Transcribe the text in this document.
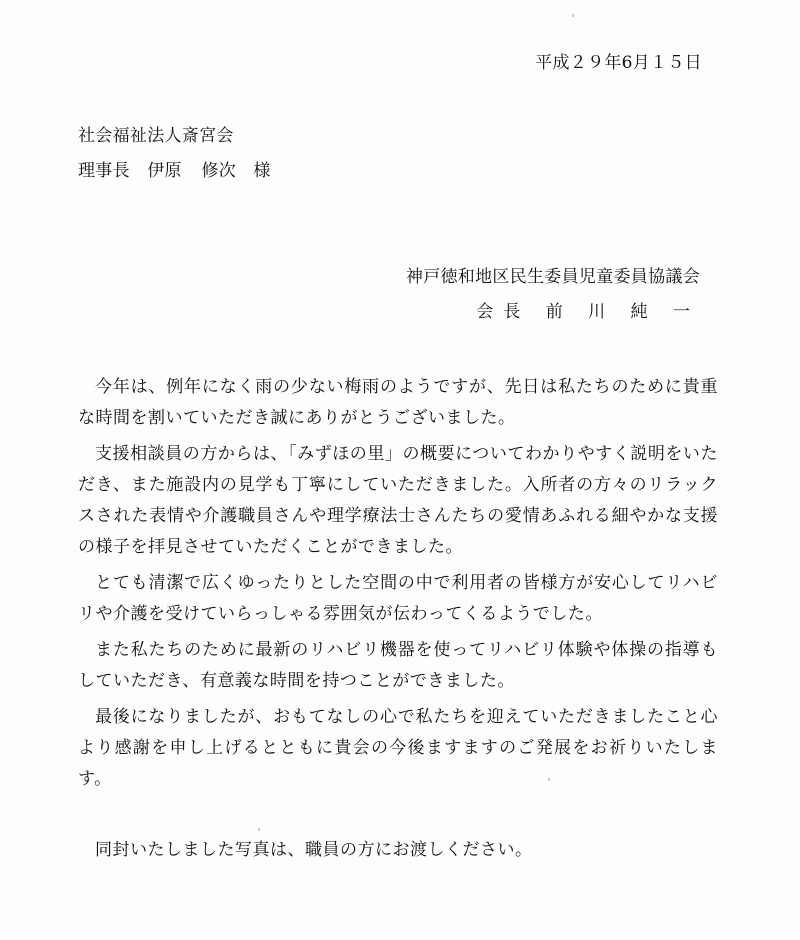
平成２９年6月１５日
社会福祉法人斎宮会
理事長　伊原 修次　様
神戸徳和地区民生委員児童委員協議会
会長 前 川 純 一

今年は、例年になく雨の少ない梅雨のようですが、先日は私たちのために貴重な時間を割いていただき誠にありがとうございました。

支援相談員の方からは、「みずほの里」の概要についてわかりやすく説明をいただき、また施設内の見学も丁寧にしていただきました。入所者の方々のリラックスされた表情や介護職員さんや理学療法士さんたちの愛情あふれる細やかな支援の様子を拝見させていただくことができました。

とても清潔で広くゆったりとした空間の中で利用者の皆様方が安心してリハビリや介護を受けていらっしゃる雰囲気が伝わってくるようでした。

また私たちのために最新のリハビリ機器を使ってリハビリ体験や体操の指導もしていただき、有意義な時間を持つことができました。

最後になりましたが、おもてなしの心で私たちを迎えていただきましたこと心より感謝を申し上げるとともに貴会の今後ますますのご発展をお祈りいたします。

同封いたしました写真は、職員の方にお渡しください。
